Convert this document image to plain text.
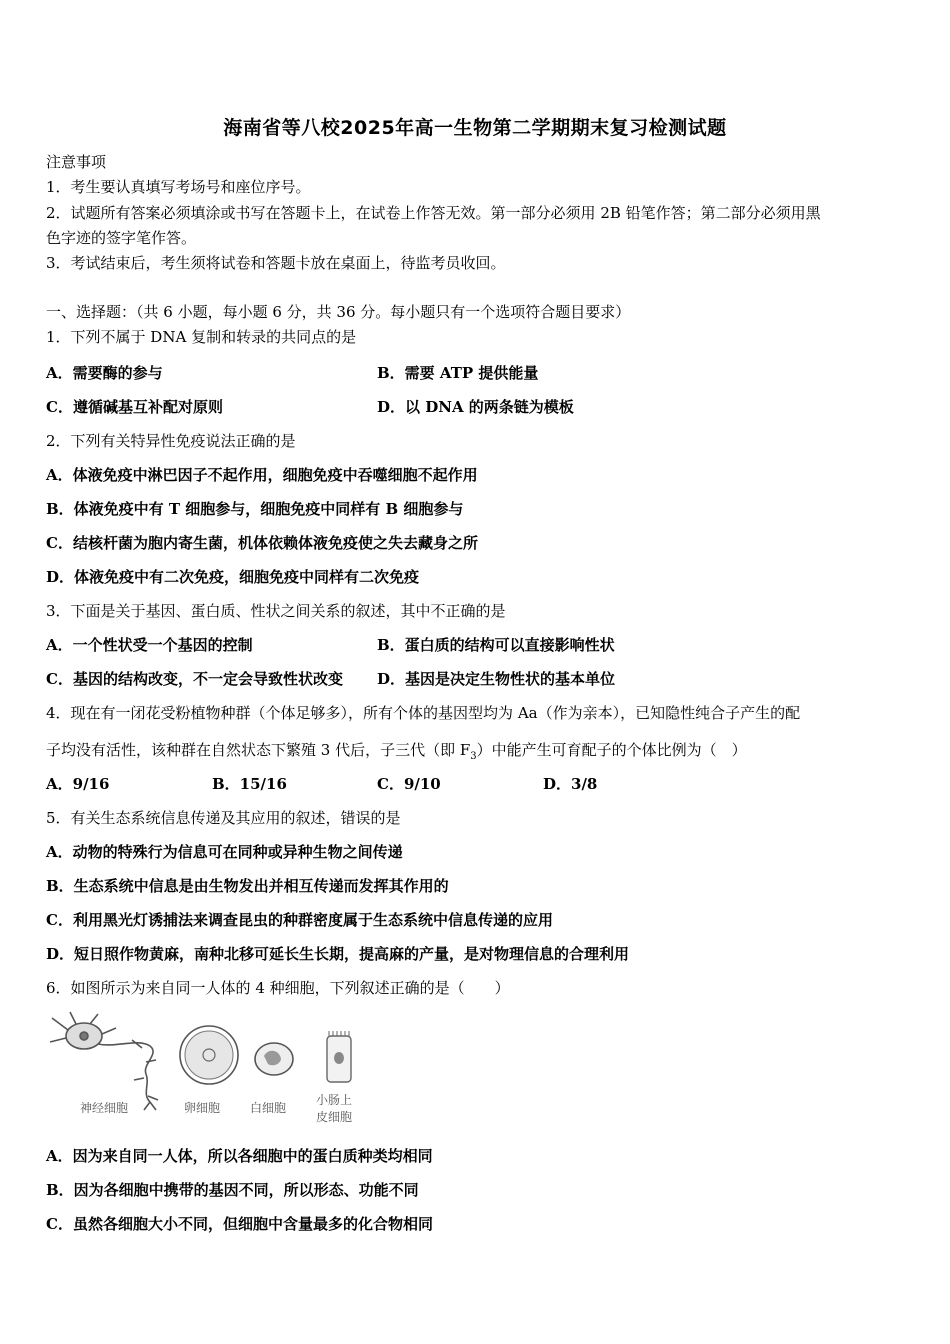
海南省等八校2025年高一生物第二学期期末复习检测试题
注意事项
1．考生要认真填写考场号和座位序号。
2．试题所有答案必须填涂或书写在答题卡上，在试卷上作答无效。第一部分必须用 2B 铅笔作答；第二部分必须用黑
色字迹的签字笔作答。
3．考试结束后，考生须将试卷和答题卡放在桌面上，待监考员收回。
一、选择题：（共 6 小题，每小题 6 分，共 36 分。每小题只有一个选项符合题目要求）
1．下列不属于 DNA 复制和转录的共同点的是
A．需要酶的参与	B．需要 ATP 提供能量
C．遵循碱基互补配对原则	D．以 DNA 的两条链为模板
2．下列有关特异性免疫说法正确的是
A．体液免疫中淋巴因子不起作用，细胞免疫中吞噬细胞不起作用
B．体液免疫中有 T 细胞参与，细胞免疫中同样有 B 细胞参与
C．结核杆菌为胞内寄生菌，机体依赖体液免疫使之失去藏身之所
D．体液免疫中有二次免疫，细胞免疫中同样有二次免疫
3．下面是关于基因、蛋白质、性状之间关系的叙述，其中不正确的是
A．一个性状受一个基因的控制	B．蛋白质的结构可以直接影响性状
C．基因的结构改变，不一定会导致性状改变 D．基因是决定生物性状的基本单位
4．现在有一闭花受粉植物种群（个体足够多），所有个体的基因型均为 Aa（作为亲本），已知隐性纯合子产生的配
子均没有活性，该种群在自然状态下繁殖 3 代后，子三代（即 $F_3$）中能产生可育配子的个体比例为（　）
A．9/16	B．15/16	C．9/10	D．3/8
5．有关生态系统信息传递及其应用的叙述，错误的是
A．动物的特殊行为信息可在同种或异种生物之间传递
B．生态系统中信息是由生物发出并相互传递而发挥其作用的
C．利用黑光灯诱捕法来调查昆虫的种群密度属于生态系统中信息传递的应用
D．短日照作物黄麻，南种北移可延长生长期，提高麻的产量，是对物理信息的合理利用
6．如图所示为来自同一人体的 4 种细胞，下列叙述正确的是（　　）
神经细胞	卵细胞 白细胞
小肠上
皮细胞
A．因为来自同一人体，所以各细胞中的蛋白质种类均相同
B．因为各细胞中携带的基因不同，所以形态、功能不同
C．虽然各细胞大小不同，但细胞中含量最多的化合物相同
